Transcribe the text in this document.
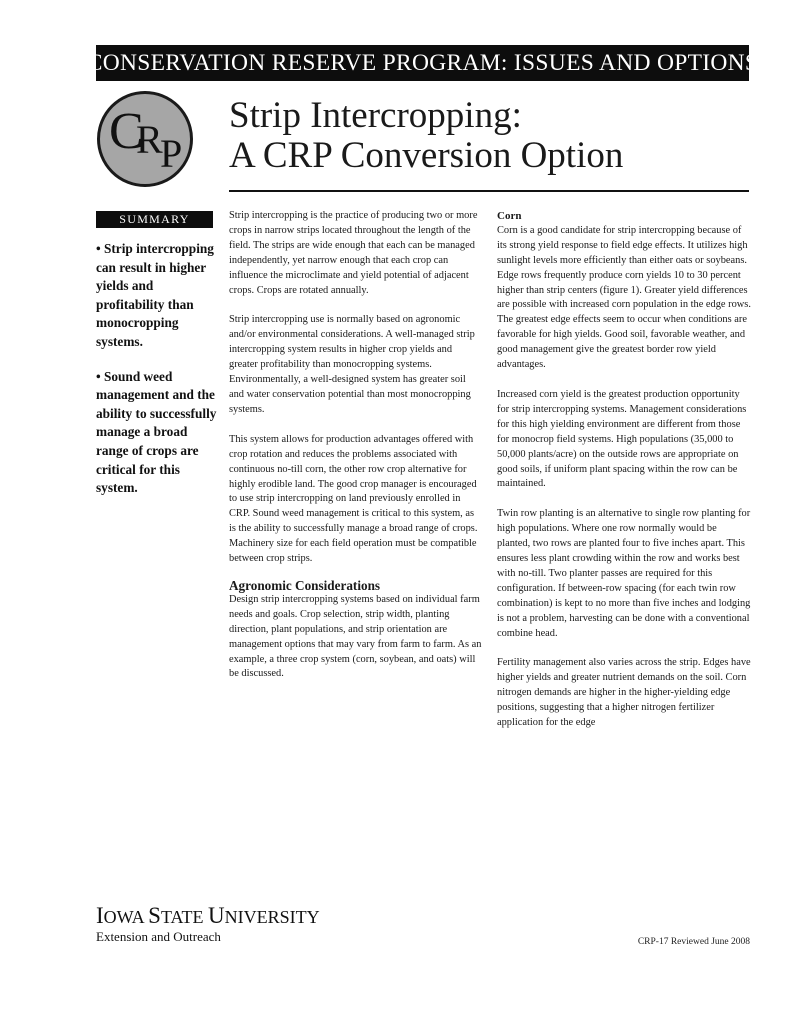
CONSERVATION RESERVE PROGRAM: ISSUES AND OPTIONS
C
R
P
Strip Intercropping:
A CRP Conversion Option
SUMMARY

• Strip intercropping can result in higher yields and profitability than monocropping systems.

• Sound weed management and the ability to successfully manage a broad range of crops are critical for this system.

Strip intercropping is the practice of producing two or more crops in narrow strips located throughout the length of the field. The strips are wide enough that each can be managed independently, yet narrow enough that each crop can influence the microclimate and yield potential of adjacent crops. Crops are rotated annually.

Strip intercropping use is normally based on agronomic and/or environmental considerations. A well-managed strip intercropping system results in higher crop yields and greater profitability than monocropping systems. Environmentally, a well-designed system has greater soil and water conservation potential than most monocropping systems.

This system allows for production advantages offered with crop rotation and reduces the problems associated with continuous no-till corn, the other row crop alternative for highly erodible land. The good crop manager is encouraged to use strip intercropping on land previously enrolled in CRP. Sound weed management is critical to this system, as is the ability to successfully manage a broad range of crops. Machinery size for each field operation must be compatible between crop strips.

Agronomic Considerations

Design strip intercropping systems based on individual farm needs and goals. Crop selection, strip width, planting direction, plant populations, and strip orientation are management options that may vary from farm to farm. As an example, a three crop system (corn, soybean, and oats) will be discussed.

Corn

Corn is a good candidate for strip intercropping because of its strong yield response to field edge effects. It utilizes high sunlight levels more efficiently than either oats or soybeans. Edge rows frequently produce corn yields 10 to 30 percent higher than strip centers (figure 1). Greater yield differences are possible with increased corn population in the edge rows. The greatest edge effects seem to occur when conditions are favorable for high yields. Good soil, favorable weather, and good management give the greatest border row yield advantages.

Increased corn yield is the greatest production opportunity for strip intercropping systems. Management considerations for this high yielding environment are different from those for monocrop field systems. High populations (35,000 to 50,000 plants/acre) on the outside rows are appropriate on good soils, if uniform plant spacing within the row can be maintained.

Twin row planting is an alternative to single row planting for high populations. Where one row normally would be planted, two rows are planted four to five inches apart. This ensures less plant crowding within the row and works best with no-till. Two planter passes are required for this configuration. If between-row spacing (for each twin row combination) is kept to no more than five inches and lodging is not a problem, harvesting can be done with a conventional combine head.

Fertility management also varies across the strip. Edges have higher yields and greater nutrient demands on the soil. Corn nitrogen demands are higher in the higher-yielding edge positions, suggesting that a higher nitrogen fertilizer application for the edge

IOWA STATE UNIVERSITY
Extension and Outreach	CRP-17 Reviewed June 2008
